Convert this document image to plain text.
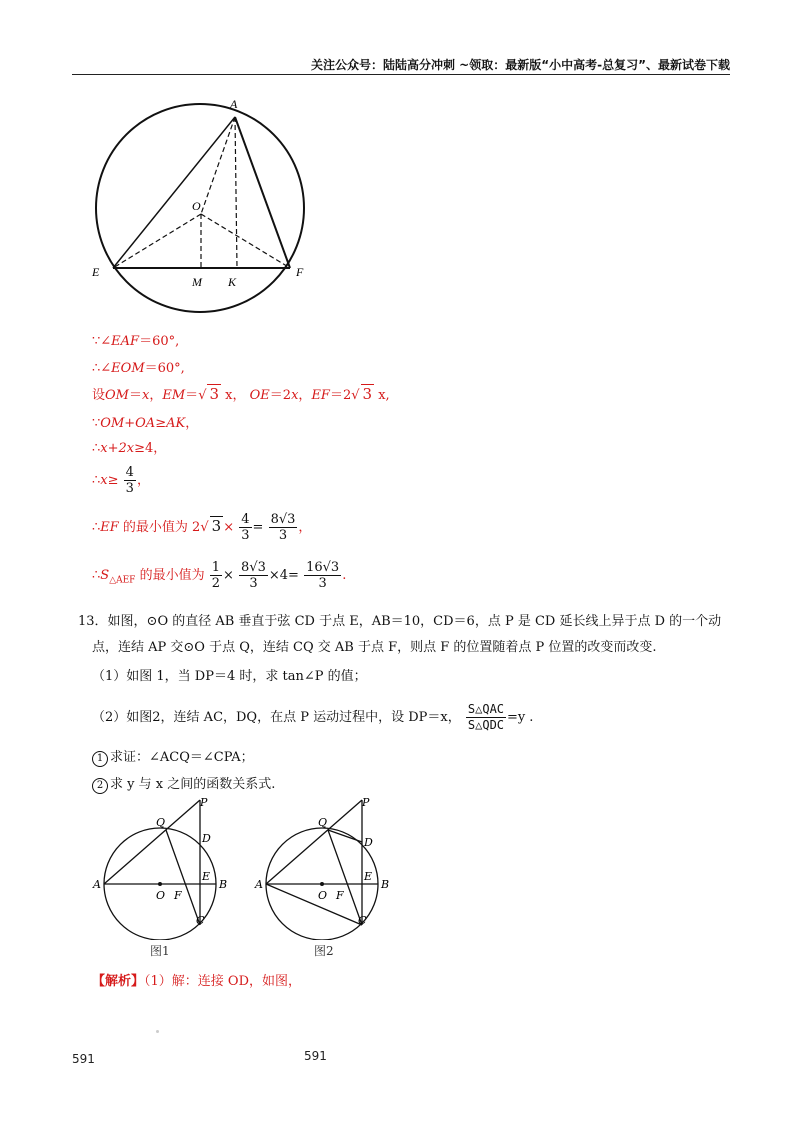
关注公众号：陆陆高分冲刺 ~领取：最新版“小中高考-总复习”、最新试卷下载
A
O
E
M K
F
∵∠EAF＝60°,
∴∠EOM＝60°,
设OM＝x，EM＝√ 3 x， OE＝2x，EF＝2√ 3 x,
∵OM+OA≥AK，
∴x+2x≥4，
∴x≥ $\frac{4}{3}$ ，
∴EF 的最小值为 2√ $3 \times \frac{4}{3} = \frac{8√3}{3}$ ，
$\therefore S_{\triangle AEF}$ 的最小值为 $\frac{1}{2} \times \frac{8√3}{3} \times 4= \frac{16√3}{3}$ .
13．如图，⊙O 的直径 AB 垂直于弦 CD 于点 E，AB＝10，CD＝6，点 P 是 CD 延长线上异于点 D 的一个动
点，连结 AP 交⊙O 于点 Q，连结 CQ 交 AB 于点 F，则点 F 的位置随着点 P 位置的改变而改变.
（1）如图 1，当 DP＝4 时，求 tan∠P 的值；
（2）如图2，连结 AC，DQ，在点 P 运动过程中，设 DP＝x， $\frac{\text{S△QAC}}{\text{S△QDC}} =y$ .
1 求证：∠ACQ＝∠CPA；
2 求 y 与 x 之间的函数关系式.
A	B
C
D
E
F
O
P
Q
A	B
C
D
E
F
O
P
Q
图1	图2
【解析】（1）解：连接 OD，如图，
591	591
